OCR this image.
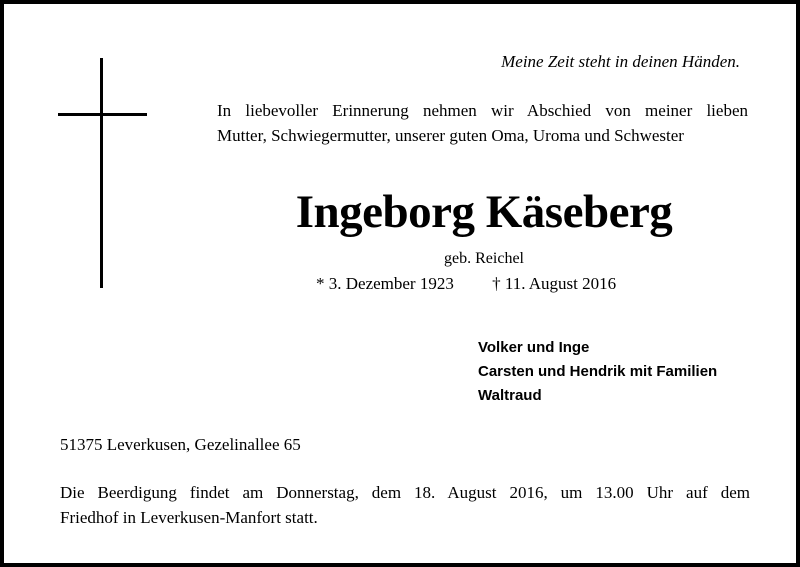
Meine Zeit steht in deinen Händen.
In liebevoller Erinnerung nehmen wir Abschied von meiner lieben
Mutter, Schwiegermutter, unserer guten Oma, Uroma und Schwester
Ingeborg Käseberg
geb. Reichel
* 3. Dezember 1923 † 11. August 2016
Volker und Inge
Carsten und Hendrik mit Familien
Waltraud
51375 Leverkusen, Gezelinallee 65
Die Beerdigung findet am Donnerstag, dem 18. August 2016, um 13.00 Uhr auf dem
Friedhof in Leverkusen-Manfort statt.
